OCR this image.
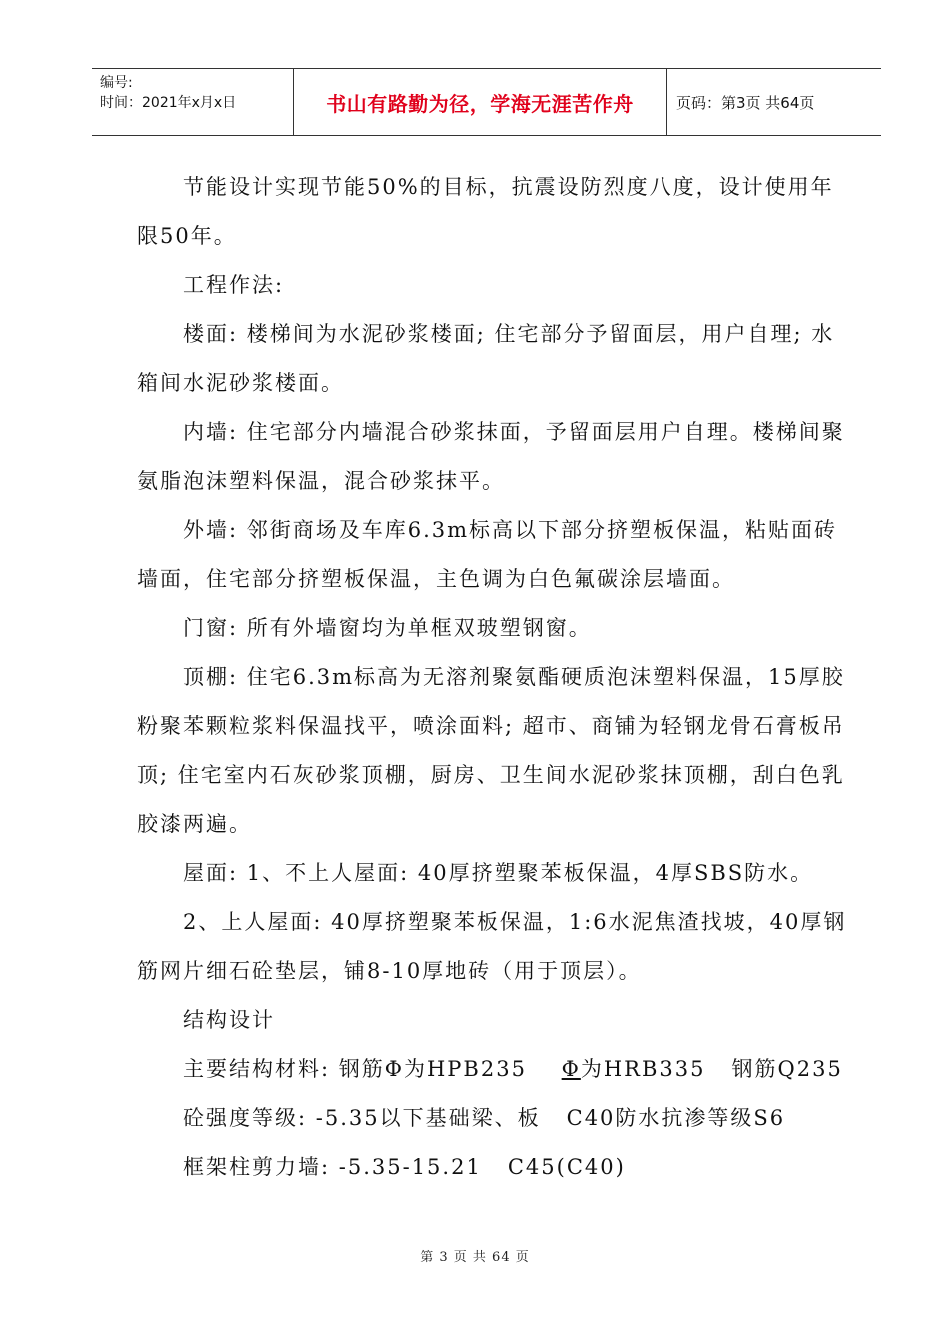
编号:
时间：2021年x月x日	书山有路勤为径，学海无涯苦作舟	页码：第3页 共64页

节能设计实现节能50%的目标，抗震设防烈度八度，设计使用年限50年。

工程作法:

楼面: 楼梯间为水泥砂浆楼面; 住宅部分予留面层，用户自理; 水箱间水泥砂浆楼面。

内墙: 住宅部分内墙混合砂浆抹面，予留面层用户自理。楼梯间聚氨脂泡沫塑料保温，混合砂浆抹平。

外墙: 邻街商场及车库6.3m标高以下部分挤塑板保温，粘贴面砖墙面，住宅部分挤塑板保温，主色调为白色氟碳涂层墙面。

门窗: 所有外墙窗均为单框双玻塑钢窗。

顶棚: 住宅6.3m标高为无溶剂聚氨酯硬质泡沫塑料保温，15厚胶粉聚苯颗粒浆料保温找平，喷涂面料; 超市、商铺为轻钢龙骨石膏板吊顶; 住宅室内石灰砂浆顶棚，厨房、卫生间水泥砂浆抹顶棚，刮白色乳胶漆两遍。

屋面: 1、不上人屋面: 40厚挤塑聚苯板保温，4厚SBS防水。

2、上人屋面: 40厚挤塑聚苯板保温，1:6水泥焦渣找坡，40厚钢筋网片细石砼垫层，铺8-10厚地砖（用于顶层）。

结构设计

主要结构材料: 钢筋Φ为HPB235    Φ为HRB335   钢筋Q235

砼强度等级: -5.35以下基础梁、板   C40防水抗渗等级S6

框架柱剪力墙: -5.35-15.21   C45(C40)

第 3 页 共 64 页
